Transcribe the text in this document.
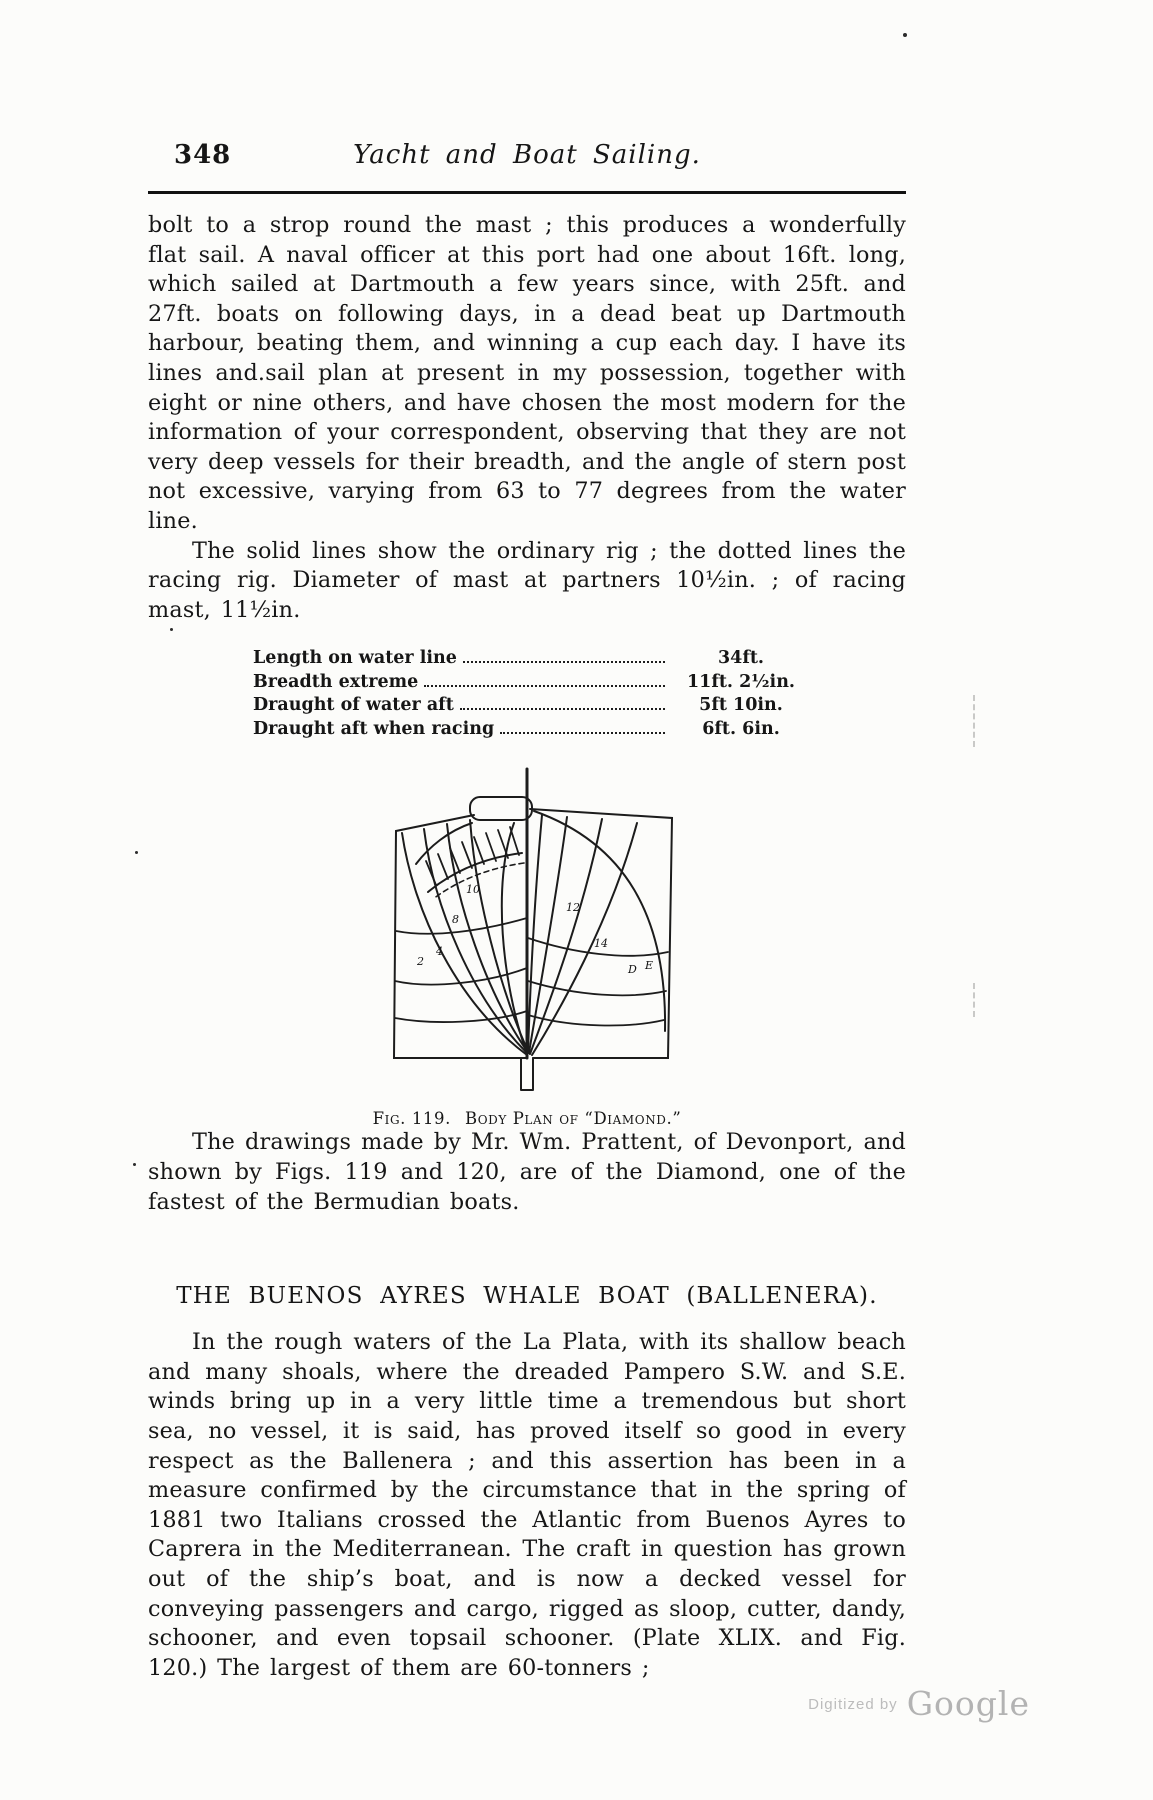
348	Yacht and Boat Sailing.

bolt to a strop round the mast ; this produces a wonderfully flat sail. A naval officer at this port had one about 16ft. long, which sailed at Dartmouth a few years since, with 25ft. and 27ft. boats on following days, in a dead beat up Dartmouth harbour, beating them, and winning a cup each day. I have its lines and.sail plan at present in my possession, together with eight or nine others, and have chosen the most modern for the information of your correspondent, observing that they are not very deep vessels for their breadth, and the angle of stern post not excessive, varying from 63 to 77 degrees from the water line.

The solid lines show the ordinary rig ; the dotted lines the racing rig. Diameter of mast at partners 10½in. ; of racing mast, 11½in.

Length on water line	34ft.
Breadth extreme	11ft. 2½in.
Draught of water aft	5ft 10in.
Draught aft when racing	6ft. 6in.
10
8
4
2
12
14
D E
Fig. 119. Body Plan of “Diamond.”

The drawings made by Mr. Wm. Prattent, of Devonport, and shown by Figs. 119 and 120, are of the Diamond, one of the fastest of the Bermudian boats.

THE BUENOS AYRES WHALE BOAT (BALLENERA).

In the rough waters of the La Plata, with its shallow beach and many shoals, where the dreaded Pampero S.W. and S.E. winds bring up in a very little time a tremendous but short sea, no vessel, it is said, has proved itself so good in every respect as the Ballenera ; and this assertion has been in a measure confirmed by the circumstance that in the spring of 1881 two Italians crossed the Atlantic from Buenos Ayres to Caprera in the Mediterranean. The craft in question has grown out of the ship’s boat, and is now a decked vessel for conveying passengers and cargo, rigged as sloop, cutter, dandy, schooner, and even topsail schooner. (Plate XLIX. and Fig. 120.) The largest of them are 60-tonners ;

Digitized by Google
